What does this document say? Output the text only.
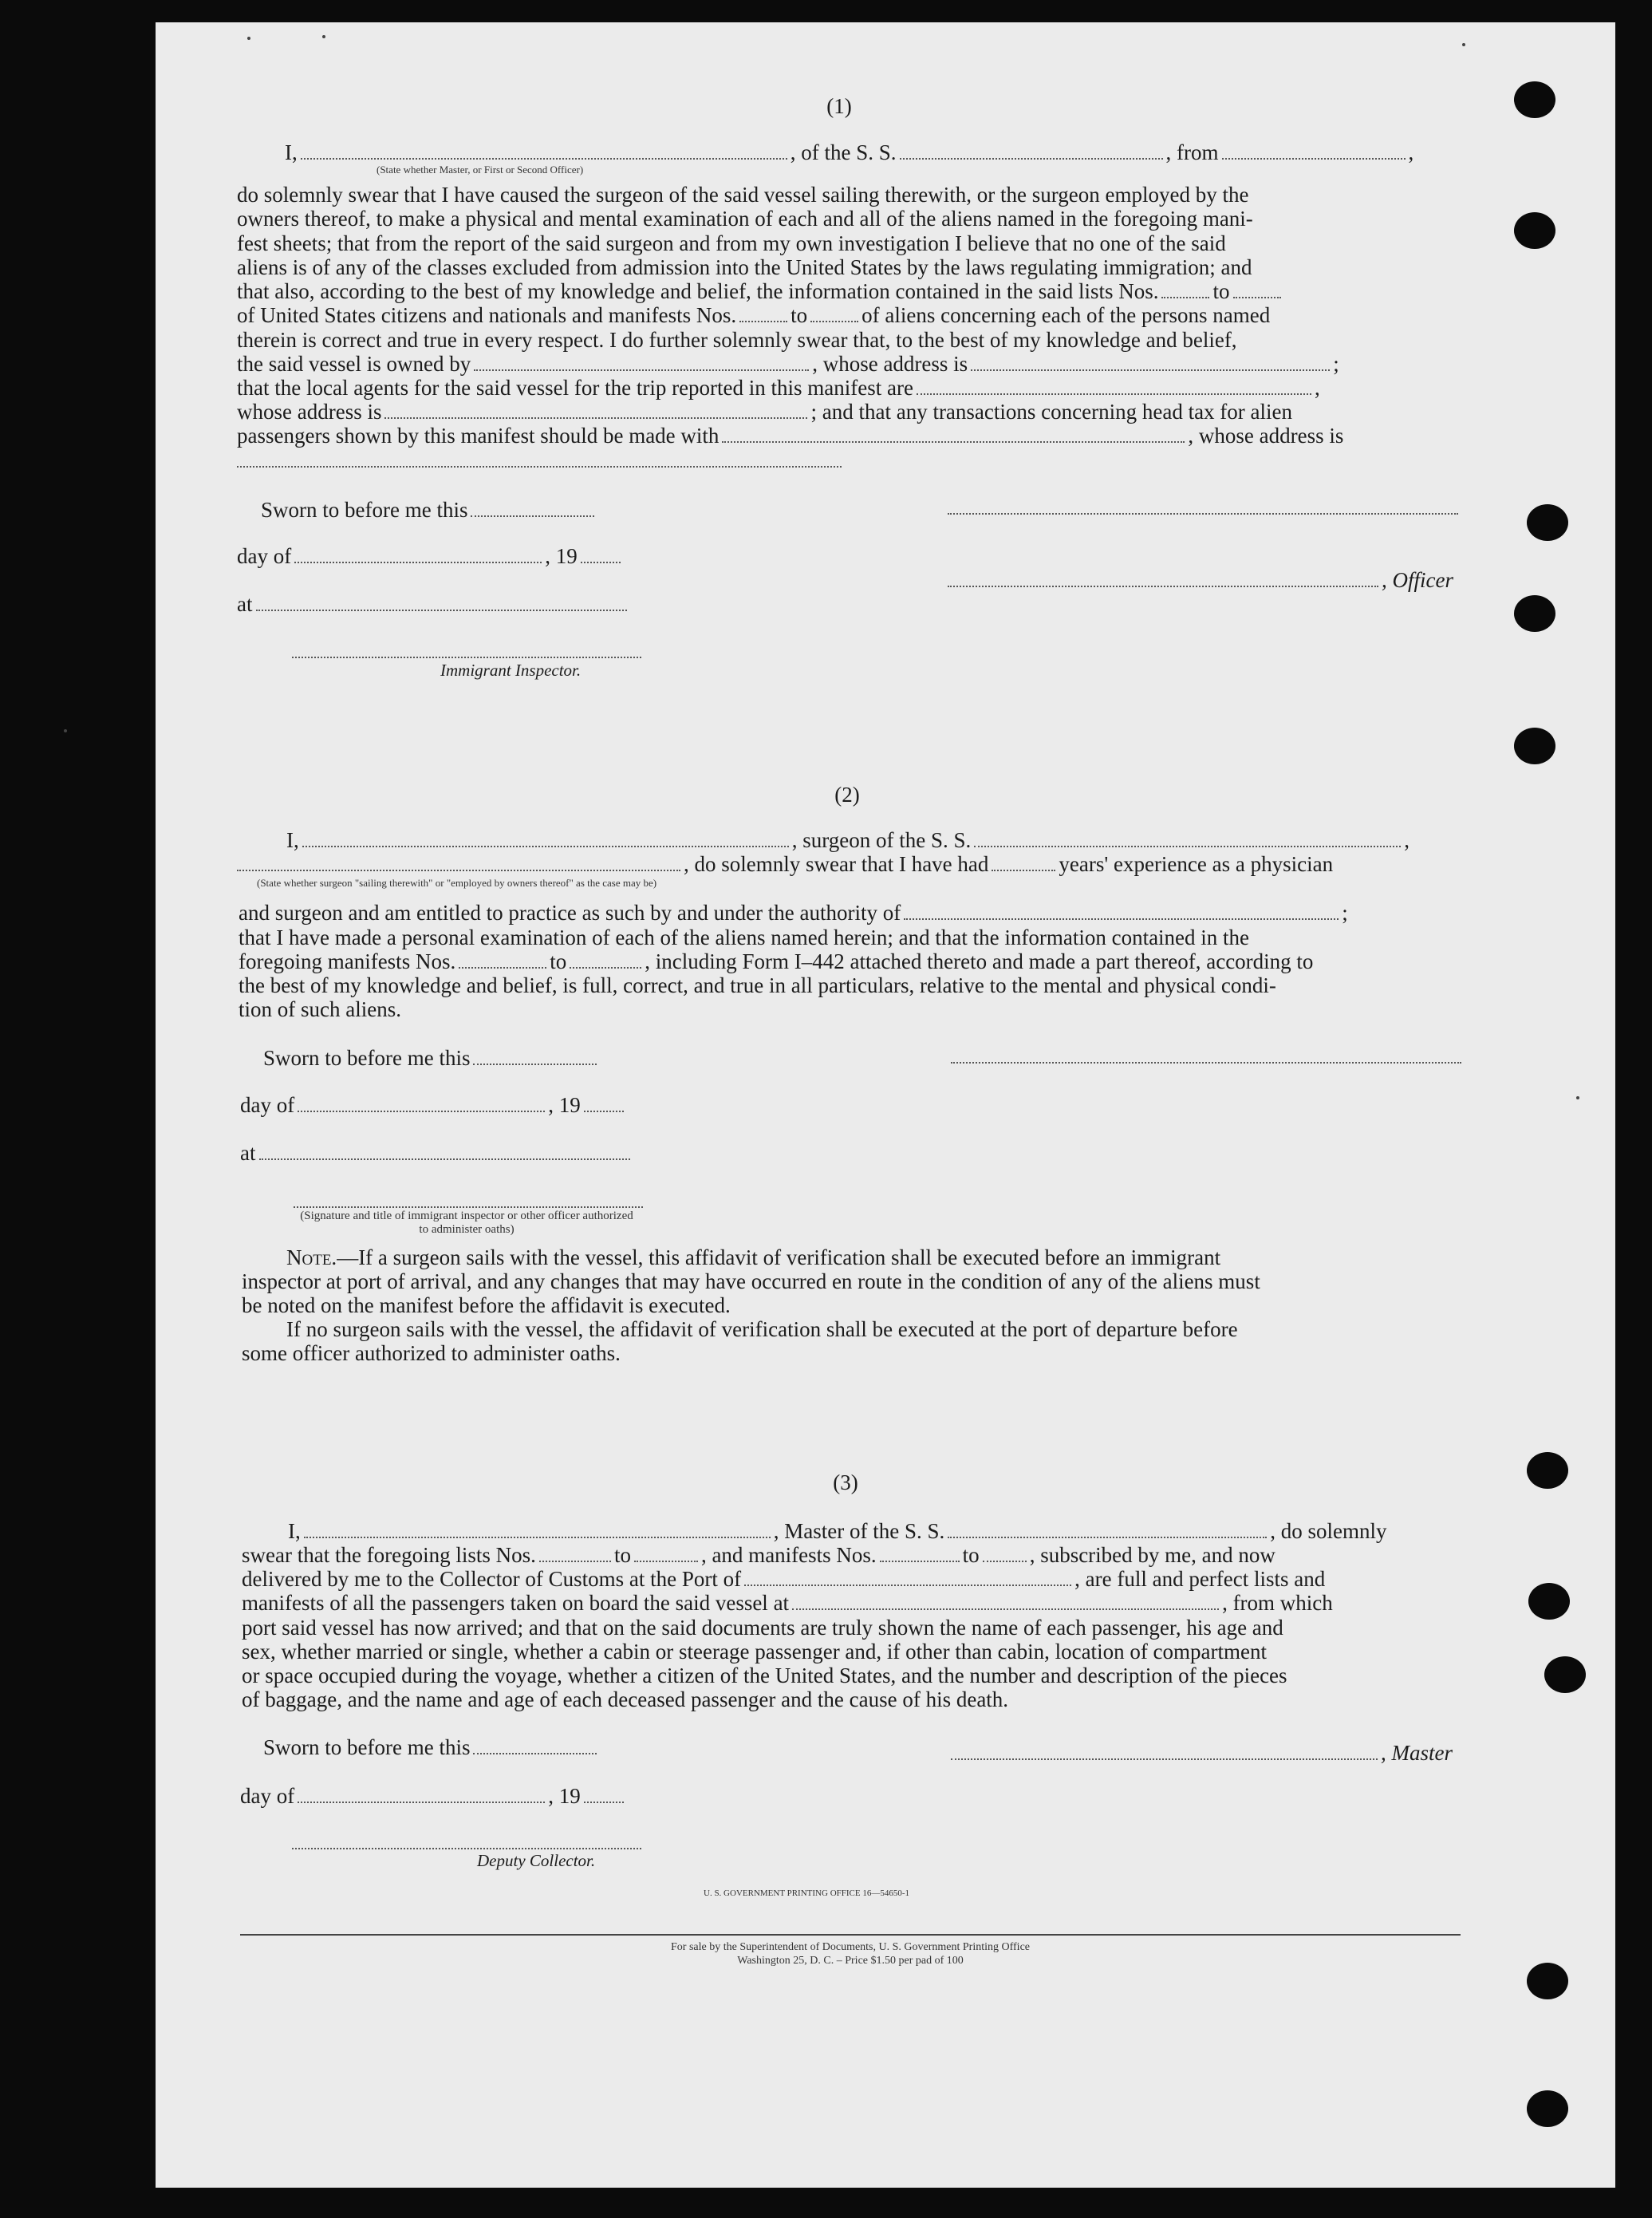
(1)
I,	, of the S. S.	, from	,
(State whether Master, or First or Second Officer)
do solemnly swear that I have caused the surgeon of the said vessel sailing therewith, or the surgeon employed by the
owners thereof, to make a physical and mental examination of each and all of the aliens named in the foregoing mani-
fest sheets; that from the report of the said surgeon and from my own investigation I believe that no one of the said
aliens is of any of the classes excluded from admission into the United States by the laws regulating immigration; and
that also, according to the best of my knowledge and belief, the information contained in the said lists Nos.	to
of United States citizens and nationals and manifests Nos.	to	of aliens concerning each of the persons named
therein is correct and true in every respect. I do further solemnly swear that, to the best of my knowledge and belief,
the said vessel is owned by	, whose address is	;
that the local agents for the said vessel for the trip reported in this manifest are	,
whose address is	; and that any transactions concerning head tax for alien
passengers shown by this manifest should be made with	, whose address is
Sworn to before me this
day of	, 19
, Officer
at
Immigrant Inspector.
(2)
I,	, surgeon of the S. S.	,
, do solemnly swear that I have had	years' experience as a physician
(State whether surgeon "sailing therewith" or "employed by owners thereof" as the case may be)
and surgeon and am entitled to practice as such by and under the authority of	;
that I have made a personal examination of each of the aliens named herein; and that the information contained in the
foregoing manifests Nos.	to	, including Form I–442 attached thereto and made a part thereof, according to
the best of my knowledge and belief, is full, correct, and true in all particulars, relative to the mental and physical condi-
tion of such aliens.
Sworn to before me this
day of	, 19
at
(Signature and title of immigrant inspector or other officer authorized to administer oaths)
Note.—If a surgeon sails with the vessel, this affidavit of verification shall be executed before an immigrant
inspector at port of arrival, and any changes that may have occurred en route in the condition of any of the aliens must
be noted on the manifest before the affidavit is executed.
If no surgeon sails with the vessel, the affidavit of verification shall be executed at the port of departure before
some officer authorized to administer oaths.
(3)
I,	, Master of the S. S.	, do solemnly
swear that the foregoing lists Nos.	to	, and manifests Nos.	to , subscribed by me, and now
delivered by me to the Collector of Customs at the Port of	, are full and perfect lists and
manifests of all the passengers taken on board the said vessel at	, from which
port said vessel has now arrived; and that on the said documents are truly shown the name of each passenger, his age and
sex, whether married or single, whether a cabin or steerage passenger and, if other than cabin, location of compartment
or space occupied during the voyage, whether a citizen of the United States, and the number and description of the pieces
of baggage, and the name and age of each deceased passenger and the cause of his death.
Sworn to before me this	, Master
day of	, 19
Deputy Collector.
U. S. GOVERNMENT PRINTING OFFICE 16—54650-1
For sale by the Superintendent of Documents, U. S. Government Printing Office
Washington 25, D. C. – Price $1.50 per pad of 100
